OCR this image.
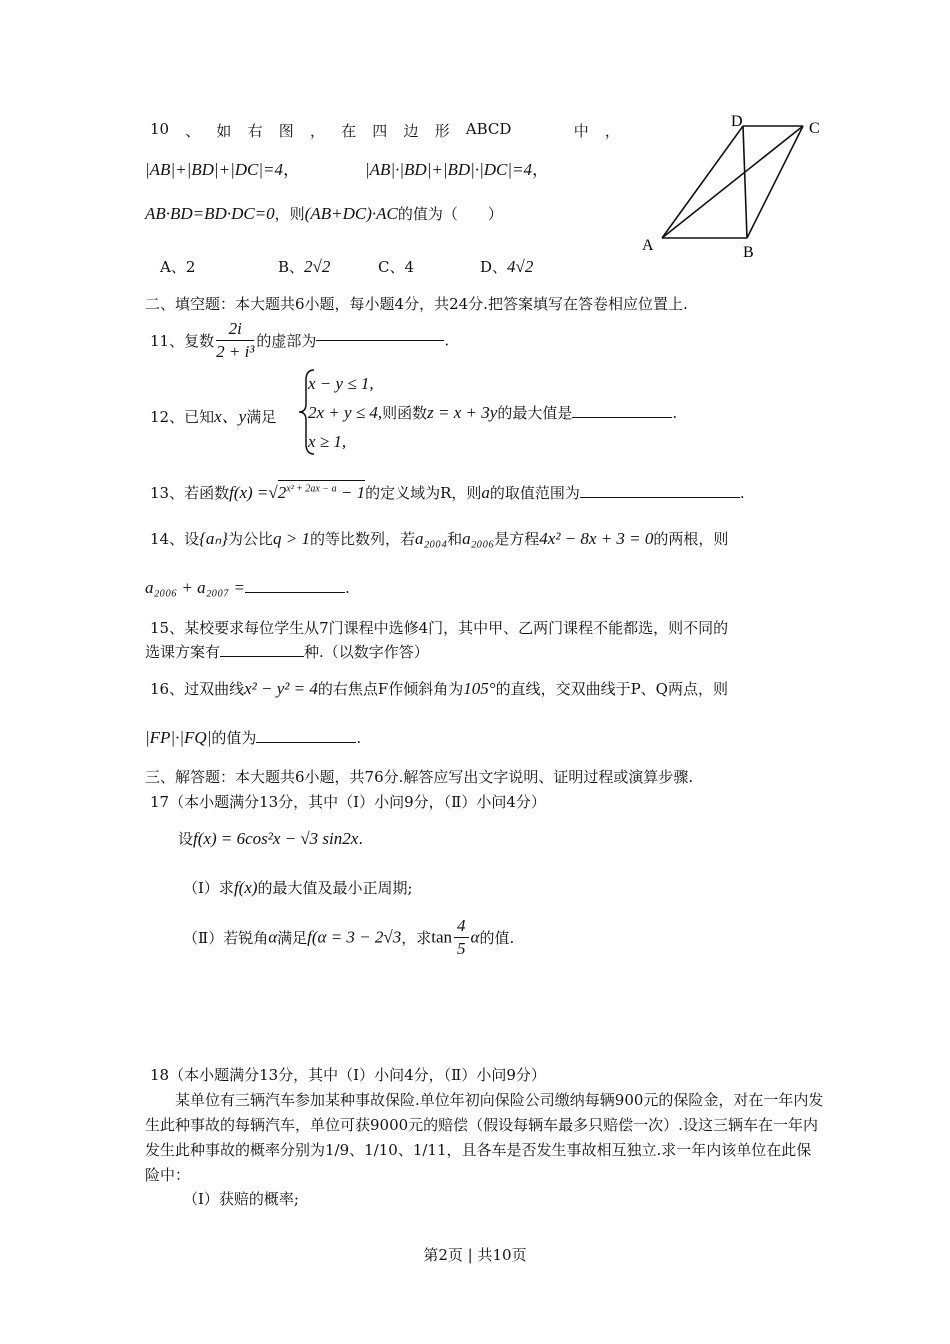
10 、 如 右 图 ， 在 四 边 形 ABCD	中 ，
|AB|+|BD|+|DC|=4，	|AB|·|BD|+|BD|·|DC|=4，
AB·BD=BD·DC=0，则(AB+DC)·AC的值为（　　）
A、2	B、2√2	C、4	D、4√2
A	B
C
D
二、填空题：本大题共6小题，每小题4分，共24分.把答案填写在答卷相应位置上.
11、复数 $\frac{2i}{\text{2 + i³}}$ 的虚部为	.
12、已知x、y满足
x − y ≤ 1,
2x + y ≤ 4,则函数z = x + 3y的最大值是	.
x ≥ 1,
13、若函数$f(x) =√2^{x^2 + 2ax - a} - 1$的定义域为R，则a的取值范围为	.
14、设{aₙ}为公比q > 1的等比数列，若a₂₀₀₄和a₂₀₀₆是方程4x² − 8x + 3 = 0的两根，则
a₂₀₀₆ + a₂₀₀₇ =	.
15、某校要求每位学生从7门课程中选修4门，其中甲、乙两门课程不能都选，则不同的
选课方案有	种.（以数字作答）
16、过双曲线x² − y² = 4的右焦点F作倾斜角为105°的直线，交双曲线于P、Q两点，则
|FP|·|FQ|的值为	.
三、解答题：本大题共6小题，共76分.解答应写出文字说明、证明过程或演算步骤.
17（本小题满分13分，其中（Ⅰ）小问9分，（Ⅱ）小问4分）
设f(x) = 6cos²x − √3 sin2x.
（Ⅰ）求f(x)的最大值及最小正周期;
（Ⅱ）若锐角α满足f(α = 3 − 2√3，求$\tan \frac{4}{5}$ α的值.
18（本小题满分13分，其中（Ⅰ）小问4分，（Ⅱ）小问9分）
　　某单位有三辆汽车参加某种事故保险.单位年初向保险公司缴纳每辆900元的保险金，对在一年内发生此种事故的每辆汽车，单位可获9000元的赔偿（假设每辆车最多只赔偿一次）.设这三辆车在一年内发生此种事故的概率分别为1/9、1/10、1/11，且各车是否发生事故相互独立.求一年内该单位在此保险中：
（Ⅰ）获赔的概率;
第2页 | 共10页
